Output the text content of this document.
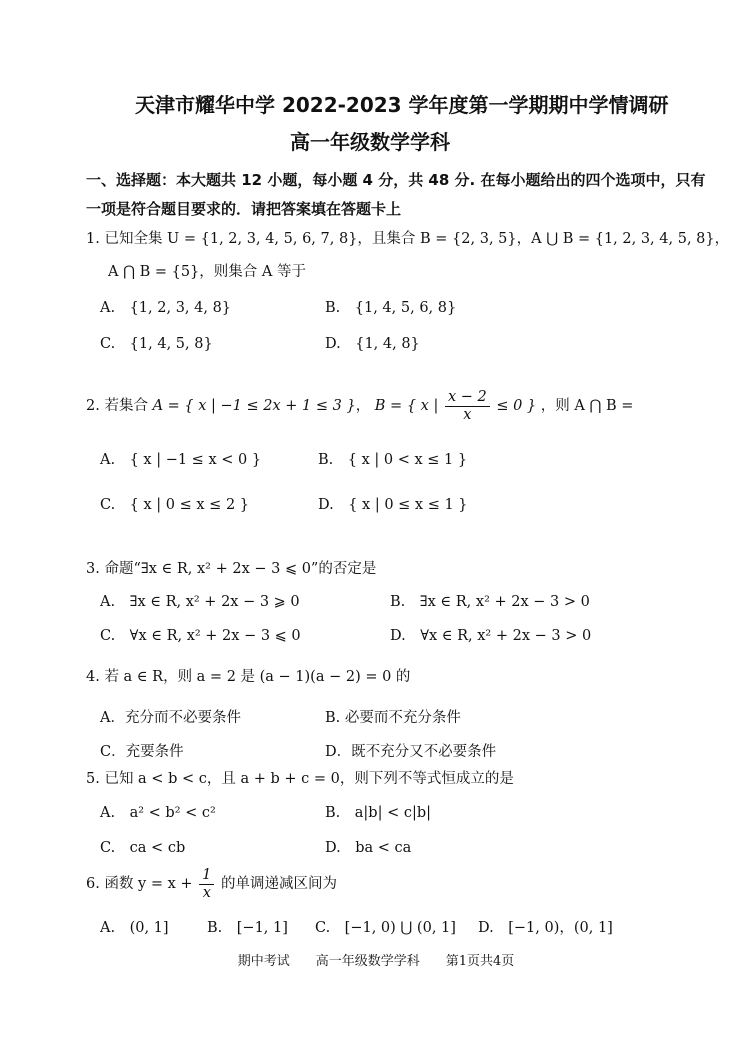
天津市耀华中学 2022-2023 学年度第一学期期中学情调研
高一年级数学学科
一、选择题：本大题共 12 小题，每小题 4 分，共 48 分. 在每小题给出的四个选项中，只有
一项是符合题目要求的．请把答案填在答题卡上
1. 已知全集 U = {1, 2, 3, 4, 5, 6, 7, 8}，且集合 B = {2, 3, 5}，A ⋃ B = {1, 2, 3, 4, 5, 8}，
A ⋂ B = {5}，则集合 A 等于
A.　{1, 2, 3, 4, 8}	B.　{1, 4, 5, 6, 8}
C.　{1, 4, 5, 8}	D.　{1, 4, 8}
2. 若集合 A = { x | −1 ≤ 2x + 1 ≤ 3 }， B = { x | $\frac{x - 2}{x} \le 0$ } ，则 A ⋂ B =
A.　{ x | −1 ≤ x < 0 }	B.　{ x | 0 < x ≤ 1 }
C.　{ x | 0 ≤ x ≤ 2 }	D.　{ x | 0 ≤ x ≤ 1 }
3. 命题“∃x ∈ R, x² + 2x − 3 ⩽ 0”的否定是
A.　∃x ∈ R, x² + 2x − 3 ⩾ 0	B.　∃x ∈ R, x² + 2x − 3 > 0
C.　∀x ∈ R, x² + 2x − 3 ⩽ 0	D.　∀x ∈ R, x² + 2x − 3 > 0
4. 若 a ∈ R，则 a = 2 是 (a − 1)(a − 2) = 0 的
A．充分而不必要条件	B. 必要而不充分条件
C．充要条件	D．既不充分又不必要条件
5. 已知 a < b < c，且 a + b + c = 0，则下列不等式恒成立的是
A.　a² < b² < c²	B.　a|b| < c|b|
C.　ca < cb	D.　ba < ca
6. 函数 $y = x + \frac{1}{x}$ 的单调递减区间为
A.　(0, 1]	B.　[−1, 1] C.　[−1, 0) ⋃ (0, 1] D.　[−1, 0)，(0, 1]
期中考试　　高一年级数学学科　　第1页共4页
